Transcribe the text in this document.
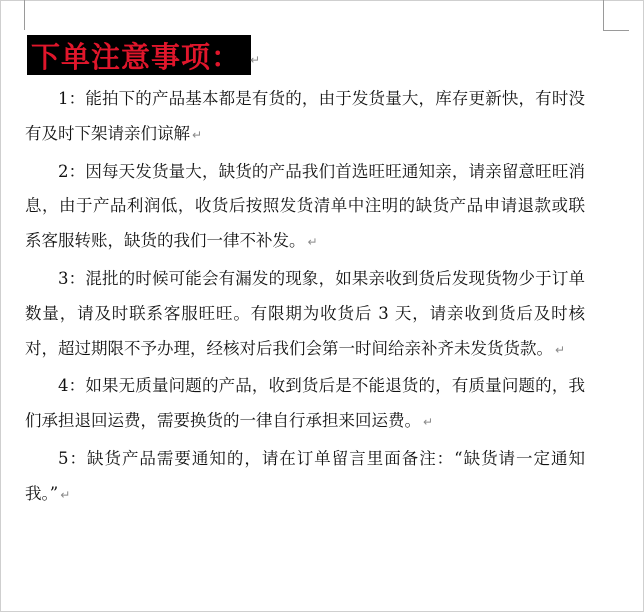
下单注意事项： ↵

1：能拍下的产品基本都是有货的，由于发货量大，库存更新快，有时没有及时下架请亲们谅解 ↵

2：因每天发货量大，缺货的产品我们首选旺旺通知亲，请亲留意旺旺消息，由于产品利润低，收货后按照发货清单中注明的缺货产品申请退款或联系客服转账，缺货的我们一律不补发。 ↵

3：混批的时候可能会有漏发的现象，如果亲收到货后发现货物少于订单数量，请及时联系客服旺旺。有限期为收货后 3 天，请亲收到货后及时核对，超过期限不予办理，经核对后我们会第一时间给亲补齐未发货货款。 ↵

4：如果无质量问题的产品，收到货后是不能退货的，有质量问题的，我们承担退回运费，需要换货的一律自行承担来回运费。 ↵

5：缺货产品需要通知的，请在订单留言里面备注：“缺货请一定通知我。” ↵
